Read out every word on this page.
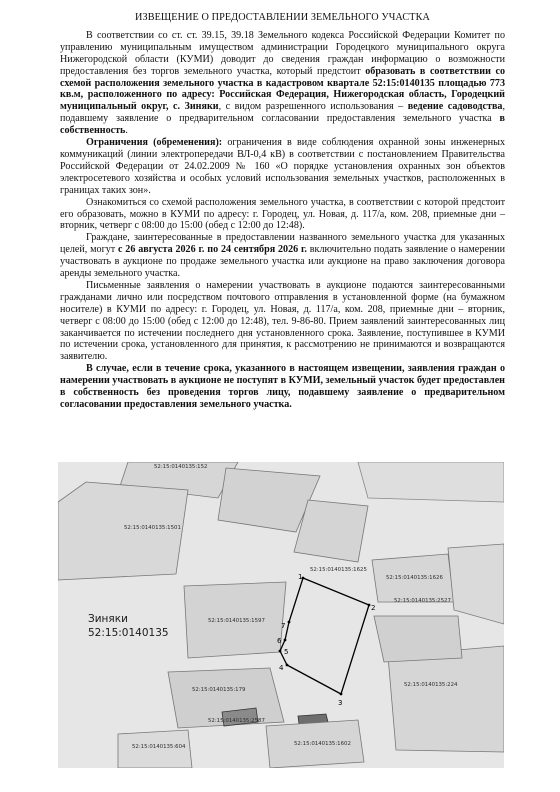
ИЗВЕЩЕНИЕ О ПРЕДОСТАВЛЕНИИ ЗЕМЕЛЬНОГО УЧАСТКА

В соответствии со ст. ст. 39.15, 39.18 Земельного кодекса Российской Федерации Комитет по управлению муниципальным имуществом администрации Городецкого муниципального округа Нижегородской области (КУМИ) доводит до сведения граждан информацию о возможности предоставления без торгов земельного участка, который предстоит образовать в соответствии со схемой расположения земельного участка в кадастровом квартале 52:15:0140135 площадью 773 кв.м, расположенного по адресу: Российская Федерация, Нижегородская область, Городецкий муниципальный округ, с. Зиняки, с видом разрешенного использования – ведение садоводства, подавшему заявление о предварительном согласовании предоставления земельного участка в собственность.

Ограничения (обременения): ограничения в виде соблюдения охранной зоны инженерных коммуникаций (линии электропередачи ВЛ-0,4 кВ) в соответствии с постановлением Правительства Российской Федерации от 24.02.2009 № 160 «О порядке установления охранных зон объектов электросетевого хозяйства и особых условий использования земельных участков, расположенных в границах таких зон».

Ознакомиться со схемой расположения земельного участка, в соответствии с которой предстоит его образовать, можно в КУМИ по адресу: г. Городец, ул. Новая, д. 117/а, ком. 208, приемные дни – вторник, четверг с 08:00 до 15:00 (обед с 12:00 до 12:48).

Граждане, заинтересованные в предоставлении названного земельного участка для указанных целей, могут с 26 августа 2026 г. по 24 сентября 2026 г. включительно подать заявление о намерении участвовать в аукционе по продаже земельного участка или аукционе на право заключения договора аренды земельного участка.

Письменные заявления о намерении участвовать в аукционе подаются заинтересованными гражданами лично или посредством почтового отправления в установленной форме (на бумажном носителе) в КУМИ по адресу: г. Городец, ул. Новая, д. 117/а, ком. 208, приемные дни – вторник, четверг с 08:00 до 15:00 (обед с 12:00 до 12:48), тел. 9-86-80. Прием заявлений заинтересованных лиц заканчивается по истечении последнего дня установленного срока. Заявление, поступившее в КУМИ по истечении срока, установленного для принятия, к рассмотрению не принимаются и возвращаются заявителю.

В случае, если в течение срока, указанного в настоящем извещении, заявления граждан о намерении участвовать в аукционе не поступят в КУМИ, земельный участок будет предоставлен в собственность без проведения торгов лицу, подавшему заявление о предварительном согласовании предоставления земельного участка.

1
2
3
4
5
6
7
52:15:0140135:152
52:15:0140135:1501
52:15:0140135:1625
52:15:0140135:1626
52:15:0140135:2527
52:15:0140135:1597
52:15:0140135:179
52:15:0140135:224
52:15:0140135:2587
52:15:0140135:1602
52:15:0140135:604
Зиняки
52:15:0140135
